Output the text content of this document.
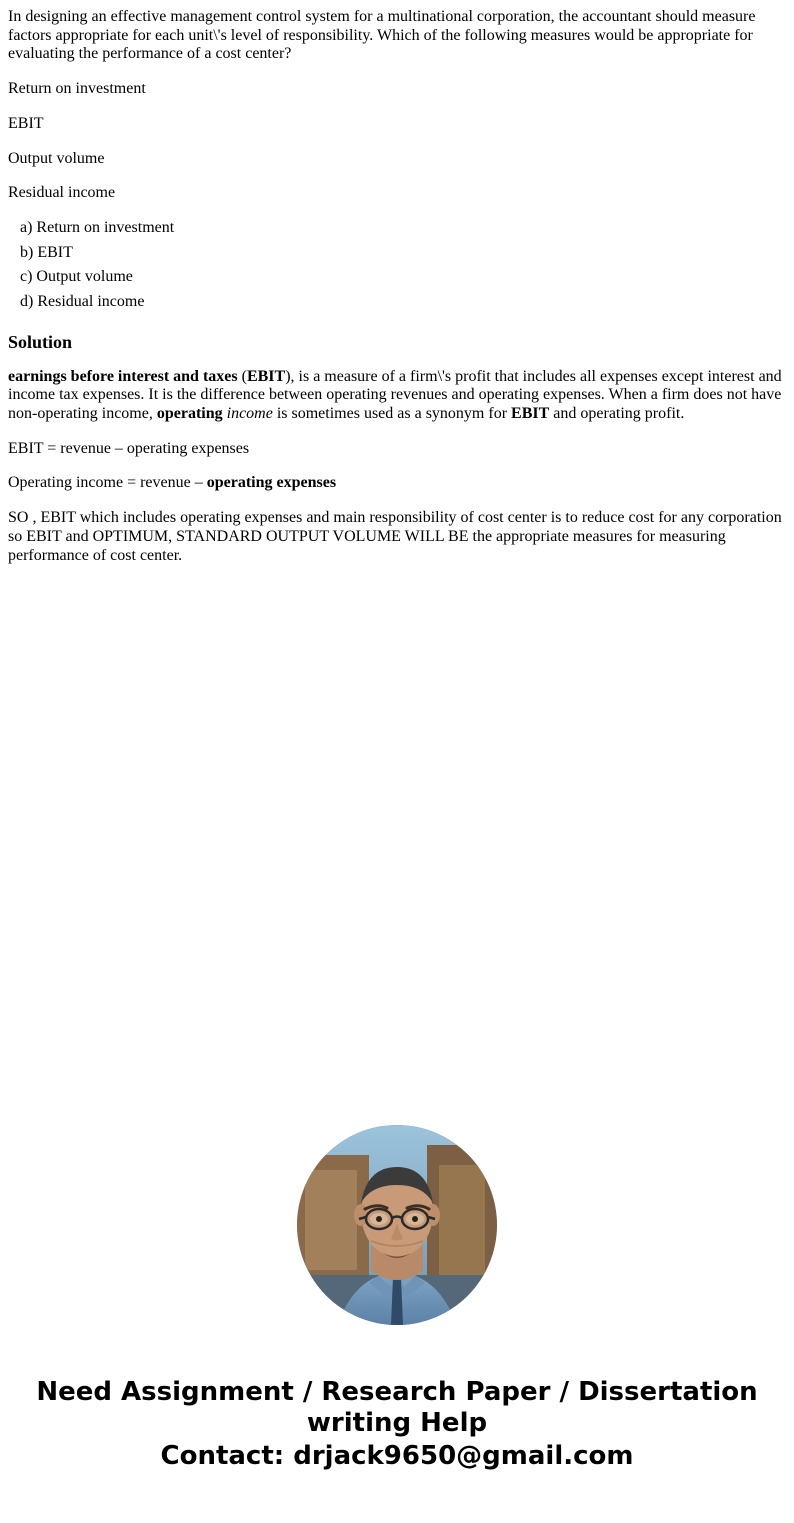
In designing an effective management control system for a multinational corporation, the accountant should measure factors appropriate for each unit\'s level of responsibility. Which of the following measures would be appropriate for evaluating the performance of a cost center?

Return on investment

EBIT

Output volume

Residual income

a) Return on investment
b) EBIT
c) Output volume
d) Residual income
Solution

earnings before interest and taxes (EBIT), is a measure of a firm\'s profit that includes all expenses except interest and income tax expenses. It is the difference between operating revenues and operating expenses. When a firm does not have non-operating income, operating income is sometimes used as a synonym for EBIT and operating profit.

EBIT = revenue – operating expenses

Operating income = revenue – operating expenses

SO , EBIT which includes operating expenses and main responsibility of cost center is to reduce cost for any corporation so EBIT and OPTIMUM, STANDARD OUTPUT VOLUME WILL BE the appropriate measures for measuring performance of cost center.

Need Assignment / Research Paper / Dissertation
writing Help
Contact: drjack9650@gmail.com
